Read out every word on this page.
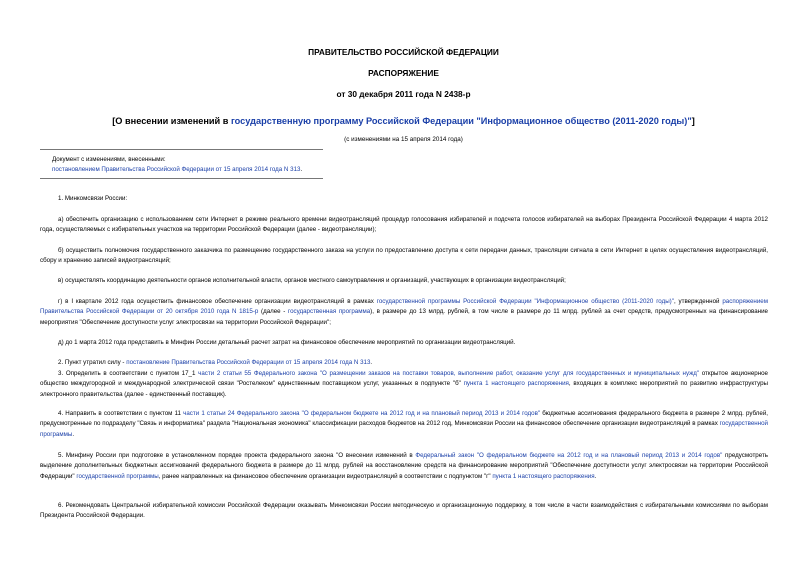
ПРАВИТЕЛЬСТВО РОССИЙСКОЙ ФЕДЕРАЦИИ
РАСПОРЯЖЕНИЕ
от 30 декабря 2011 года N 2438-р
[О внесении изменений в государственную программу Российской Федерации "Информационное общество (2011-2020 годы)"]
(с изменениями на 15 апреля 2014 года)
Документ с изменениями, внесенными:
постановлением Правительства Российской Федерации от 15 апреля 2014 года N 313.
1. Минкомсвязи России:
а) обеспечить организацию с использованием сети Интернет в режиме реального времени видеотрансляций процедур голосования избирателей и подсчета голосов избирателей на выборах Президента Российской Федерации 4 марта 2012 года, осуществляемых с избирательных участков на территории Российской Федерации (далее - видеотрансляции);
б) осуществить полномочия государственного заказчика по размещению государственного заказа на услуги по предоставлению доступа к сети передачи данных, трансляции сигнала в сети Интернет в целях осуществления видеотрансляций, сбору и хранению записей видеотрансляций;
в) осуществлять координацию деятельности органов исполнительной власти, органов местного самоуправления и организаций, участвующих в организации видеотрансляций;
г) в I квартале 2012 года осуществить финансовое обеспечение организации видеотрансляций в рамках государственной программы Российской Федерации "Информационное общество (2011-2020 годы)", утвержденной распоряжением Правительства Российской Федерации от 20 октября 2010 года N 1815-р (далее - государственная программа), в размере до 13 млрд. рублей, в том числе в размере до 11 млрд. рублей за счет средств, предусмотренных на финансирование мероприятия "Обеспечение доступности услуг электросвязи на территории Российской Федерации";
д) до 1 марта 2012 года представить в Минфин России детальный расчет затрат на финансовое обеспечение мероприятий по организации видеотрансляций.
2. Пункт утратил силу - постановление Правительства Российской Федерации от 15 апреля 2014 года N 313.
3. Определить в соответствии с пунктом 17_1 части 2 статьи 55 Федерального закона "О размещении заказов на поставки товаров, выполнение работ, оказание услуг для государственных и муниципальных нужд" открытое акционерное общество междугородной и международной электрической связи "Ростелеком" единственным поставщиком услуг, указанных в подпункте "б" пункта 1 настоящего распоряжения, входящих в комплекс мероприятий по развитию инфраструктуры электронного правительства (далее - единственный поставщик).
4. Направить в соответствии с пунктом 11 части 1 статьи 24 Федерального закона "О федеральном бюджете на 2012 год и на плановый период 2013 и 2014 годов" бюджетные ассигнования федерального бюджета в размере 2 млрд. рублей, предусмотренные по подразделу "Связь и информатика" раздела "Национальная экономика" классификации расходов бюджетов на 2012 год, Минкомсвязи России на финансовое обеспечение организации видеотрансляций в рамках государственной программы.
5. Минфину России при подготовке в установленном порядке проекта федерального закона "О внесении изменений в Федеральный закон "О федеральном бюджете на 2012 год и на плановый период 2013 и 2014 годов" предусмотреть выделение дополнительных бюджетных ассигнований федерального бюджета в размере до 11 млрд. рублей на восстановление средств на финансирование мероприятий "Обеспечение доступности услуг электросвязи на территории Российской Федерации" государственной программы, ранее направленных на финансовое обеспечение организации видеотрансляций в соответствии с подпунктом "г" пункта 1 настоящего распоряжения.
6. Рекомендовать Центральной избирательной комиссии Российской Федерации оказывать Минкомсвязи России методическую и организационную поддержку, в том числе в части взаимодействия с избирательными комиссиями по выборам Президента Российской Федерации.
